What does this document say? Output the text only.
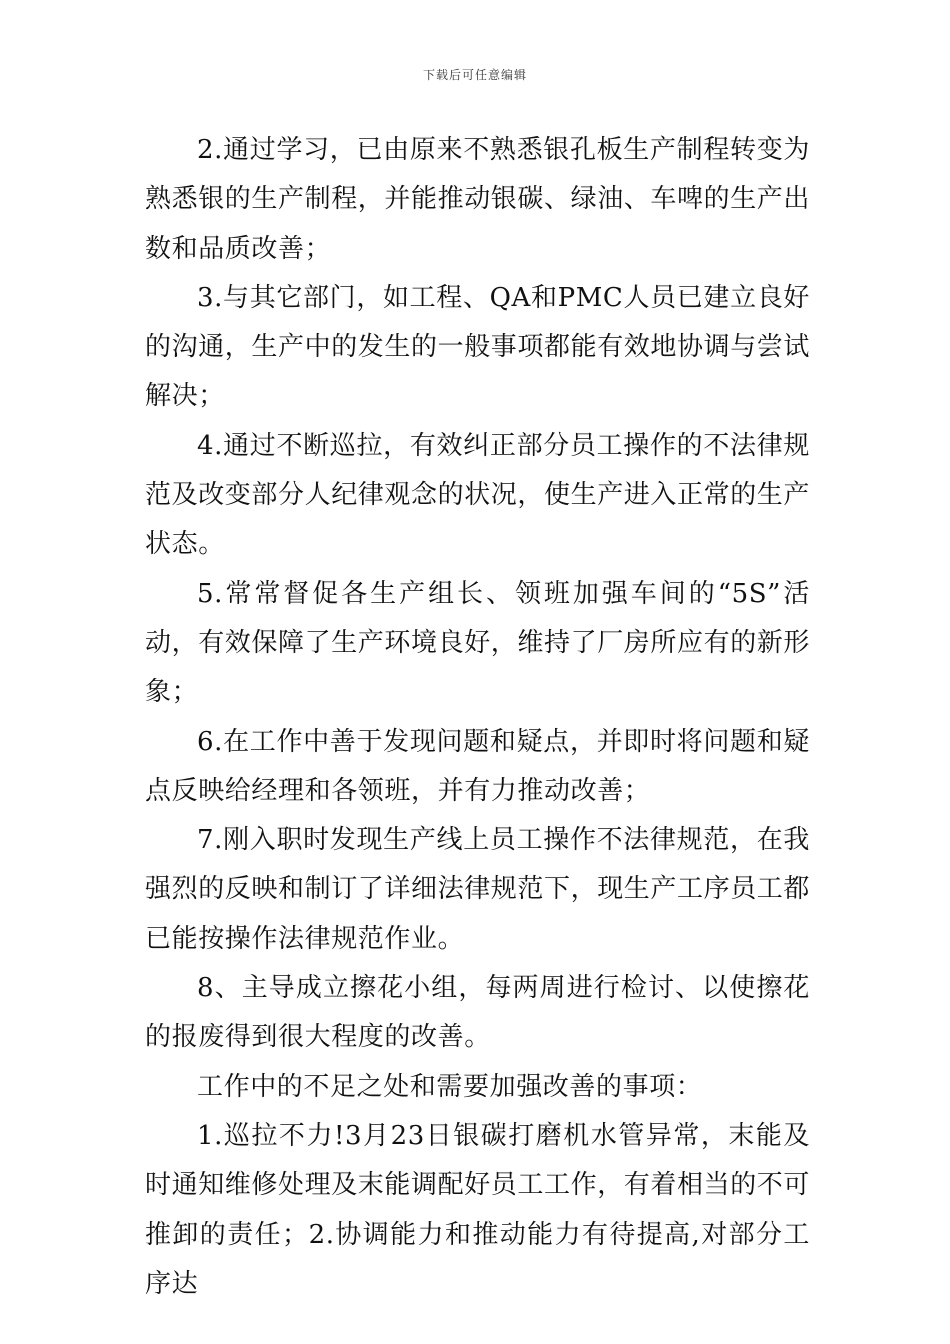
下载后可任意编辑

2.通过学习，已由原来不熟悉银孔板生产制程转变为熟悉银的生产制程，并能推动银碳、绿油、车啤的生产出数和品质改善；

3.与其它部门，如工程、QA和PMC人员已建立良好的沟通，生产中的发生的一般事项都能有效地协调与尝试解决；

4.通过不断巡拉，有效纠正部分员工操作的不法律规范及改变部分人纪律观念的状况，使生产进入正常的生产状态。

5.常常督促各生产组长、领班加强车间的“5S”活动，有效保障了生产环境良好，维持了厂房所应有的新形象；

6.在工作中善于发现问题和疑点，并即时将问题和疑点反映给经理和各领班，并有力推动改善；

7.刚入职时发现生产线上员工操作不法律规范，在我强烈的反映和制订了详细法律规范下，现生产工序员工都已能按操作法律规范作业。

8、主导成立擦花小组，每两周进行检讨、以使擦花的报废得到很大程度的改善。

工作中的不足之处和需要加强改善的事项：

1.巡拉不力!3月23日银碳打磨机水管异常，末能及时通知维修处理及末能调配好员工工作，有着相当的不可推卸的责任；2.协调能力和推动能力有待提高,对部分工序达
